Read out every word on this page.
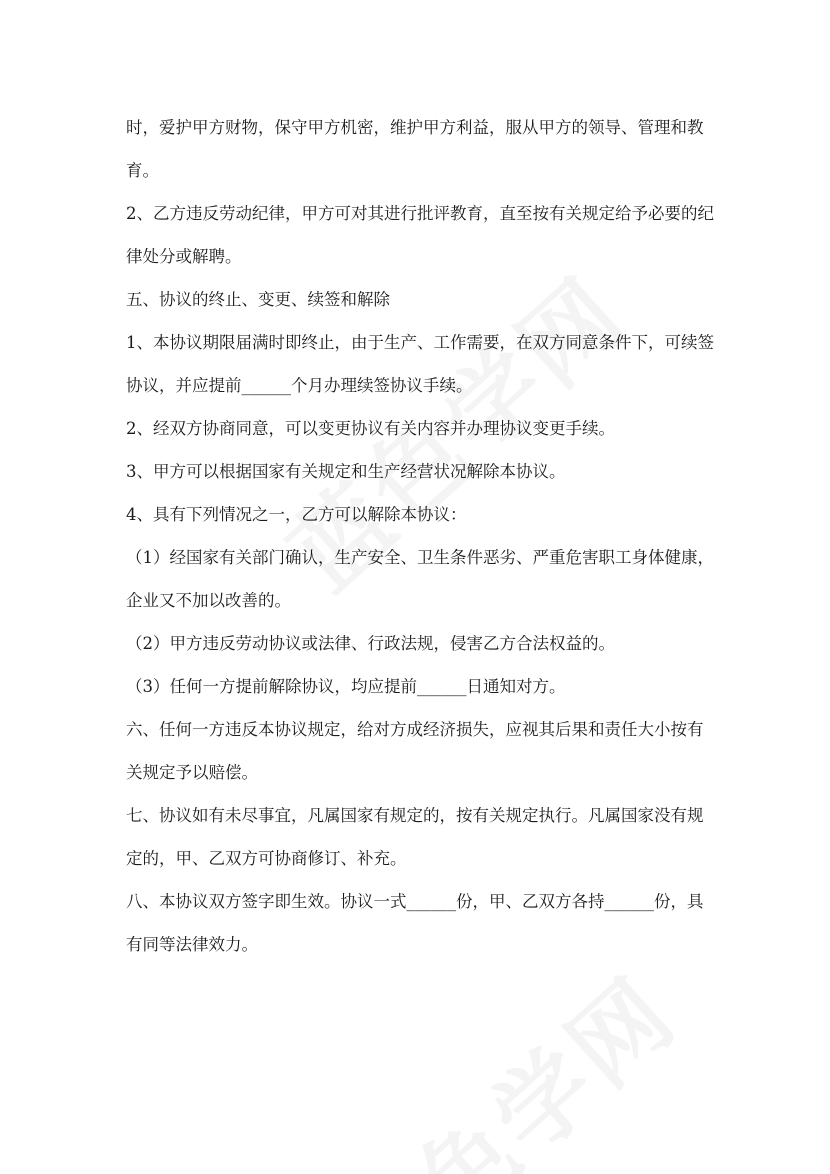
时，爱护甲方财物，保守甲方机密，维护甲方利益，服从甲方的领导、管理和教育。

2、乙方违反劳动纪律，甲方可对其进行批评教育，直至按有关规定给予必要的纪律处分或解聘。

五、协议的终止、变更、续签和解除

1、本协议期限届满时即终止，由于生产、工作需要，在双方同意条件下，可续签协议，并应提前______个月办理续签协议手续。

2、经双方协商同意，可以变更协议有关内容并办理协议变更手续。

3、甲方可以根据国家有关规定和生产经营状况解除本协议。

4、具有下列情况之一，乙方可以解除本协议：

（1）经国家有关部门确认，生产安全、卫生条件恶劣、严重危害职工身体健康，企业又不加以改善的。

（2）甲方违反劳动协议或法律、行政法规，侵害乙方合法权益的。

（3）任何一方提前解除协议，均应提前______日通知对方。

六、任何一方违反本协议规定，给对方成经济损失，应视其后果和责任大小按有关规定予以赔偿。

七、协议如有未尽事宜，凡属国家有规定的，按有关规定执行。凡属国家没有规定的，甲、乙双方可协商修订、补充。

八、本协议双方签字即生效。协议一式______份，甲、乙双方各持______份，具有同等法律效力。
